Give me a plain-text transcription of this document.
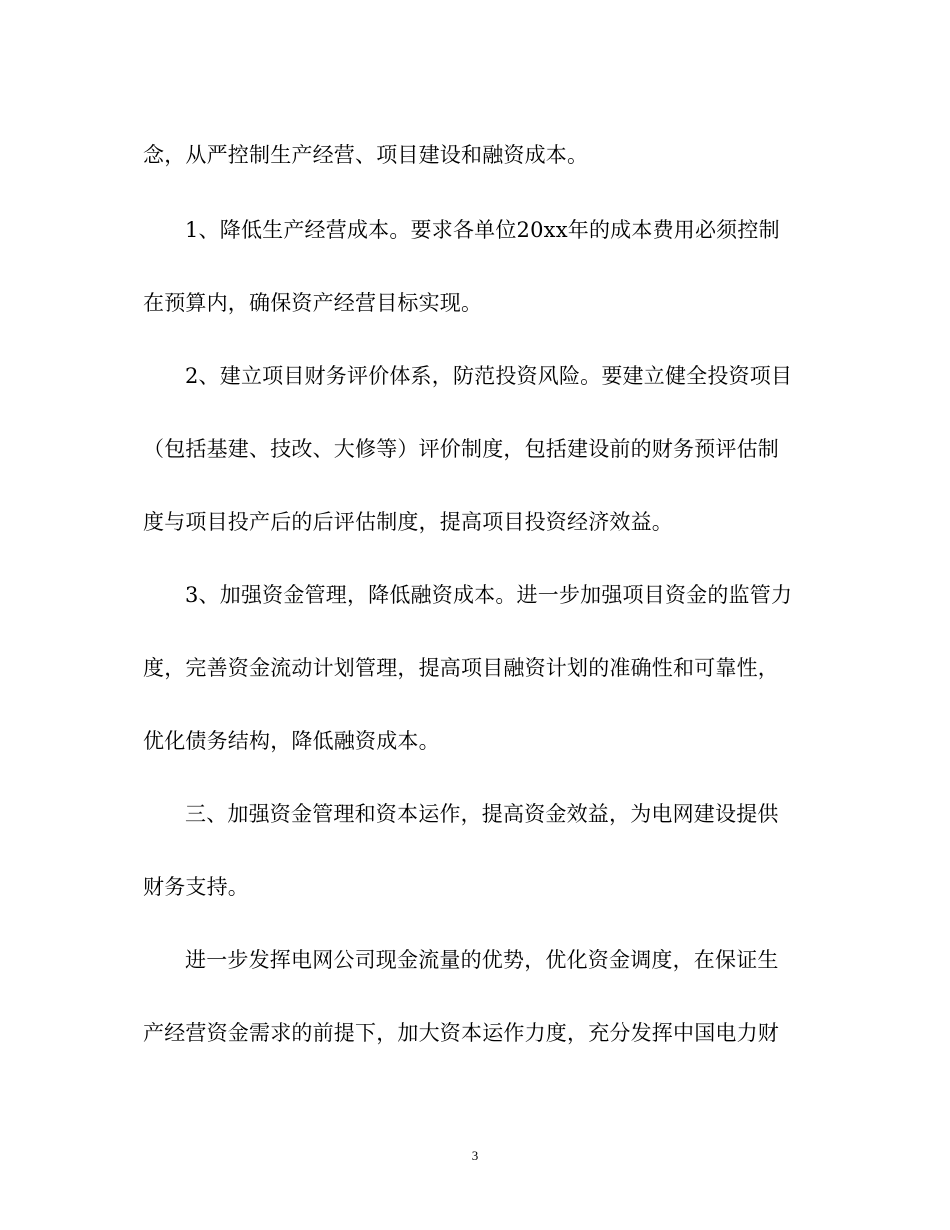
念，从严控制生产经营、项目建设和融资成本。
1、降低生产经营成本。要求各单位20xx年的成本费用必须控制
在预算内，确保资产经营目标实现。
2、建立项目财务评价体系，防范投资风险。要建立健全投资项目
（包括基建、技改、大修等）评价制度，包括建设前的财务预评估制
度与项目投产后的后评估制度，提高项目投资经济效益。
3、加强资金管理，降低融资成本。进一步加强项目资金的监管力
度，完善资金流动计划管理，提高项目融资计划的准确性和可靠性，
优化债务结构，降低融资成本。
三、加强资金管理和资本运作，提高资金效益，为电网建设提供
财务支持。
进一步发挥电网公司现金流量的优势，优化资金调度，在保证生
产经营资金需求的前提下，加大资本运作力度，充分发挥中国电力财
3
